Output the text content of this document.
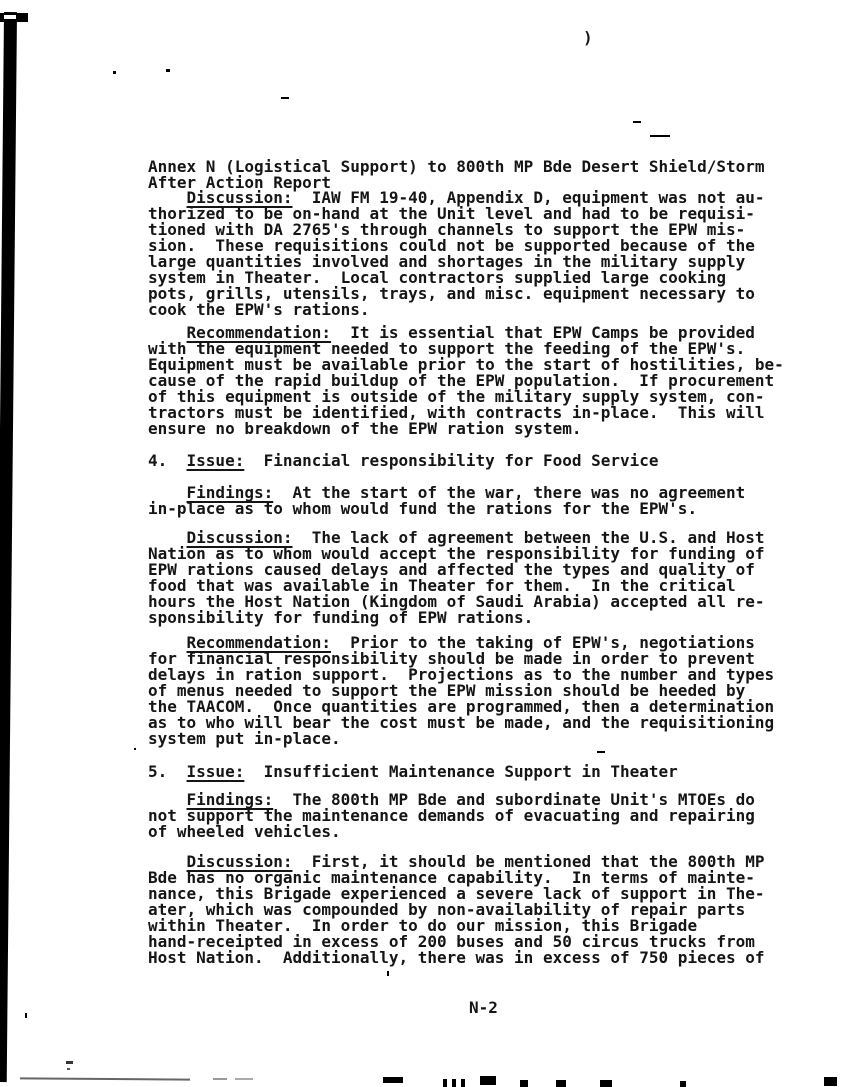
)

Annex N (Logistical Support) to 800th MP Bde Desert Shield/Storm
After Action Report

Discussion:  IAW FM 19-40, Appendix D, equipment was not au-
thorized to be on-hand at the Unit level and had to be requisi-
tioned with DA 2765's through channels to support the EPW mis-
sion.  These requisitions could not be supported because of the
large quantities involved and shortages in the military supply
system in Theater.  Local contractors supplied large cooking
pots, grills, utensils, trays, and misc. equipment necessary to
cook the EPW's rations.
Recommendation:  It is essential that EPW Camps be provided
with the equipment needed to support the feeding of the EPW's.
Equipment must be available prior to the start of hostilities, be-
cause of the rapid buildup of the EPW population.  If procurement
of this equipment is outside of the military supply system, con-
tractors must be identified, with contracts in-place.  This will
ensure no breakdown of the EPW ration system.
4.  Issue:  Financial responsibility for Food Service
Findings:  At the start of the war, there was no agreement
in-place as to whom would fund the rations for the EPW's.
Discussion:  The lack of agreement between the U.S. and Host
Nation as to whom would accept the responsibility for funding of
EPW rations caused delays and affected the types and quality of
food that was available in Theater for them.  In the critical
hours the Host Nation (Kingdom of Saudi Arabia) accepted all re-
sponsibility for funding of EPW rations.
Recommendation:  Prior to the taking of EPW's, negotiations
for financial responsibility should be made in order to prevent
delays in ration support.  Projections as to the number and types
of menus needed to support the EPW mission should be heeded by
the TAACOM.  Once quantities are programmed, then a determination
as to who will bear the cost must be made, and the requisitioning
system put in-place.
5.  Issue:  Insufficient Maintenance Support in Theater
Findings:  The 800th MP Bde and subordinate Unit's MTOEs do
not support the maintenance demands of evacuating and repairing
of wheeled vehicles.
Discussion:  First, it should be mentioned that the 800th MP
Bde has no organic maintenance capability.  In terms of mainte-
nance, this Brigade experienced a severe lack of support in The-
ater, which was compounded by non-availability of repair parts
within Theater.  In order to do our mission, this Brigade
hand-receipted in excess of 200 buses and 50 circus trucks from
Host Nation.  Additionally, there was in excess of 750 pieces of
N-2
